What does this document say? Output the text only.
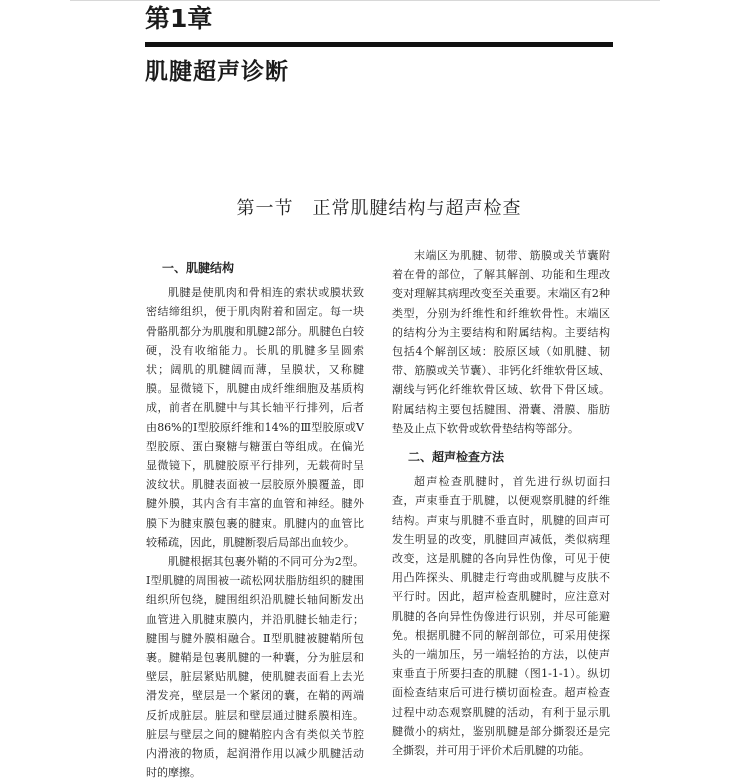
第1章
肌腱超声诊断
第一节　正常肌腱结构与超声检查
一、肌腱结构

肌腱是使肌肉和骨相连的索状或膜状致密结缔组织，便于肌肉附着和固定。每一块骨骼肌都分为肌腹和肌腱2部分。肌腱色白较硬，没有收缩能力。长肌的肌腱多呈圆索状；阔肌的肌腱阔而薄，呈膜状，又称腱膜。显微镜下，肌腱由成纤维细胞及基质构成，前者在肌腱中与其长轴平行排列，后者由86%的Ⅰ型胶原纤维和14%的Ⅲ型胶原或Ⅴ型胶原、蛋白聚糖与糖蛋白等组成。在偏光显微镜下，肌腱胶原平行排列，无载荷时呈波纹状。肌腱表面被一层胶原外膜覆盖，即腱外膜，其内含有丰富的血管和神经。腱外膜下为腱束膜包裹的腱束。肌腱内的血管比较稀疏，因此，肌腱断裂后局部出血较少。

肌腱根据其包裹外鞘的不同可分为2型。Ⅰ型肌腱的周围被一疏松网状脂肪组织的腱围组织所包绕，腱围组织沿肌腱长轴间断发出血管进入肌腱束膜内，并沿肌腱长轴走行；腱围与腱外膜相融合。Ⅱ型肌腱被腱鞘所包裹。腱鞘是包裹肌腱的一种囊，分为脏层和壁层，脏层紧贴肌腱，使肌腱表面看上去光滑发亮，壁层是一个紧闭的囊，在鞘的两端反折成脏层。脏层和壁层通过腱系膜相连。脏层与壁层之间的腱鞘腔内含有类似关节腔内滑液的物质，起润滑作用以减少肌腱活动时的摩擦。

末端区为肌腱、韧带、筋膜或关节囊附着在骨的部位，了解其解剖、功能和生理改变对理解其病理改变至关重要。末端区有2种类型，分别为纤维性和纤维软骨性。末端区的结构分为主要结构和附属结构。主要结构包括4个解剖区域：胶原区域（如肌腱、韧带、筋膜或关节囊）、非钙化纤维软骨区域、潮线与钙化纤维软骨区域、软骨下骨区域。附属结构主要包括腱围、滑囊、滑膜、脂肪垫及止点下软骨或软骨垫结构等部分。

二、超声检查方法

超声检查肌腱时，首先进行纵切面扫查，声束垂直于肌腱，以便观察肌腱的纤维结构。声束与肌腱不垂直时，肌腱的回声可发生明显的改变，肌腱回声减低，类似病理改变，这是肌腱的各向异性伪像，可见于使用凸阵探头、肌腱走行弯曲或肌腱与皮肤不平行时。因此，超声检查肌腱时，应注意对肌腱的各向异性伪像进行识别，并尽可能避免。根据肌腱不同的解剖部位，可采用使探头的一端加压，另一端轻抬的方法，以使声束垂直于所要扫查的肌腱（图1-1-1）。纵切面检查结束后可进行横切面检查。超声检查过程中动态观察肌腱的活动，有利于显示肌腱微小的病灶，鉴别肌腱是部分撕裂还是完全撕裂，并可用于评价术后肌腱的功能。
